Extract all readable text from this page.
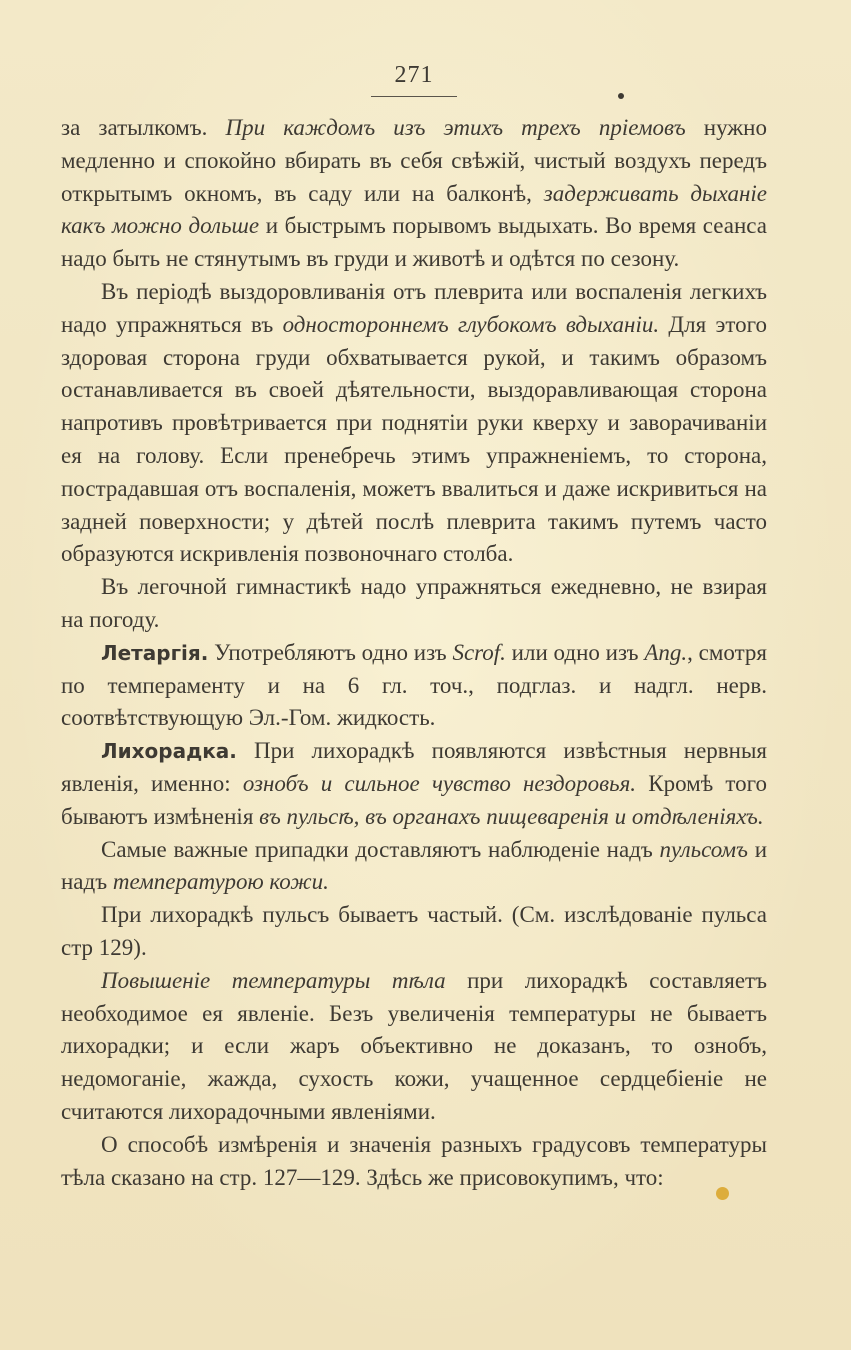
271

за затылкомъ. При каждомъ изъ этихъ трехъ пріемовъ нужно медленно и спокойно вбирать въ себя свѣжій, чистый воздухъ передъ открытымъ окномъ, въ саду или на балконѣ, задерживать дыханіе какъ можно дольше и быстрымъ порывомъ выдыхать. Во время сеанса надо быть не стянутымъ въ груди и животѣ и одѣтся по сезону.

Въ періодѣ выздоровливанія отъ плеврита или воспаленія легкихъ надо упражняться въ одностороннемъ глубокомъ вдыханіи. Для этого здоровая сторона груди обхватывается рукой, и такимъ образомъ останавливается въ своей дѣятельности, выздоравливающая сторона напротивъ провѣтривается при поднятіи руки кверху и заворачиваніи ея на голову. Если пренебречь этимъ упражненіемъ, то сторона, пострадавшая отъ воспаленія, можетъ ввалиться и даже искривиться на задней поверхности; у дѣтей послѣ плеврита такимъ путемъ часто образуются искривленія позвоночнаго столба.

Въ легочной гимнастикѣ надо упражняться ежедневно, не взирая на погоду.

Летаргія. Употребляютъ одно изъ Scrof. или одно изъ Ang., смотря по темпераменту и на 6 гл. точ., подглаз. и надгл. нерв. соотвѣтствующую Эл.-Гом. жидкость.

Лихорадка. При лихорадкѣ появляются извѣстныя нервныя явленія, именно: ознобъ и сильное чувство нездоровья. Кромѣ того бываютъ измѣненія въ пульсѣ, въ органахъ пищеваренія и отдѣленіяхъ.

Самые важные припадки доставляютъ наблюденіе надъ пульсомъ и надъ температурою кожи.

При лихорадкѣ пульсъ бываетъ частый. (См. изслѣдованіе пульса стр 129).

Повышеніе температуры тѣла при лихорадкѣ составляетъ необходимое ея явленіе. Безъ увеличенія температуры не бываетъ лихорадки; и если жаръ объективно не доказанъ, то ознобъ, недомоганіе, жажда, сухость кожи, учащенное сердцебіеніе не считаются лихорадочными явленіями.

О способѣ измѣренія и значенія разныхъ градусовъ температуры тѣла сказано на стр. 127—129. Здѣсь же присовокупимъ, что:
